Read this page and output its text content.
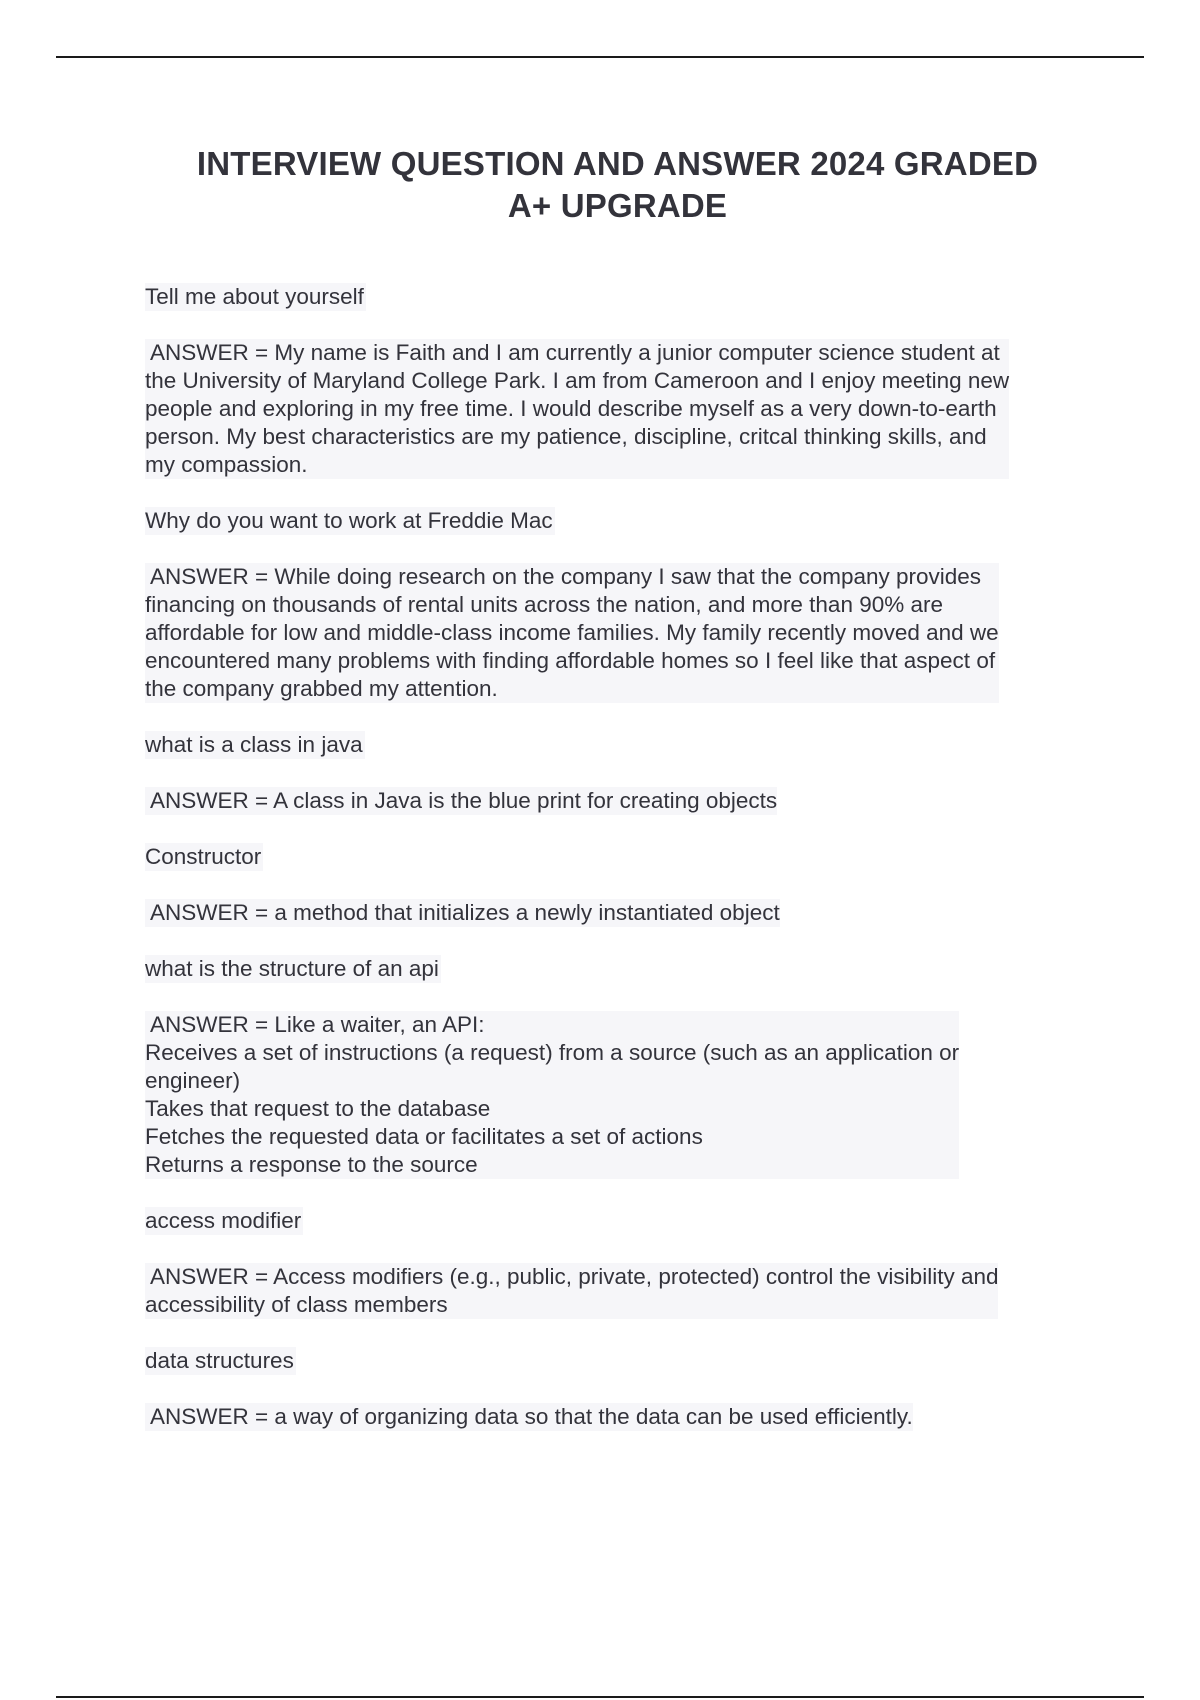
INTERVIEW QUESTION AND ANSWER 2024 GRADED
A+ UPGRADE
Tell me about yourself
ANSWER = My name is Faith and I am currently a junior computer science student at
the University of Maryland College Park. I am from Cameroon and I enjoy meeting new
people and exploring in my free time. I would describe myself as a very down-to-earth
person. My best characteristics are my patience, discipline, critcal thinking skills, and
my compassion.
Why do you want to work at Freddie Mac
ANSWER = While doing research on the company I saw that the company provides
financing on thousands of rental units across the nation, and more than 90% are
affordable for low and middle-class income families. My family recently moved and we
encountered many problems with finding affordable homes so I feel like that aspect of
the company grabbed my attention.
what is a class in java
ANSWER = A class in Java is the blue print for creating objects
Constructor
ANSWER = a method that initializes a newly instantiated object
what is the structure of an api
ANSWER = Like a waiter, an API:
Receives a set of instructions (a request) from a source (such as an application or
engineer)
Takes that request to the database
Fetches the requested data or facilitates a set of actions
Returns a response to the source
access modifier
ANSWER = Access modifiers (e.g., public, private, protected) control the visibility and
accessibility of class members
data structures
ANSWER = a way of organizing data so that the data can be used efficiently.
